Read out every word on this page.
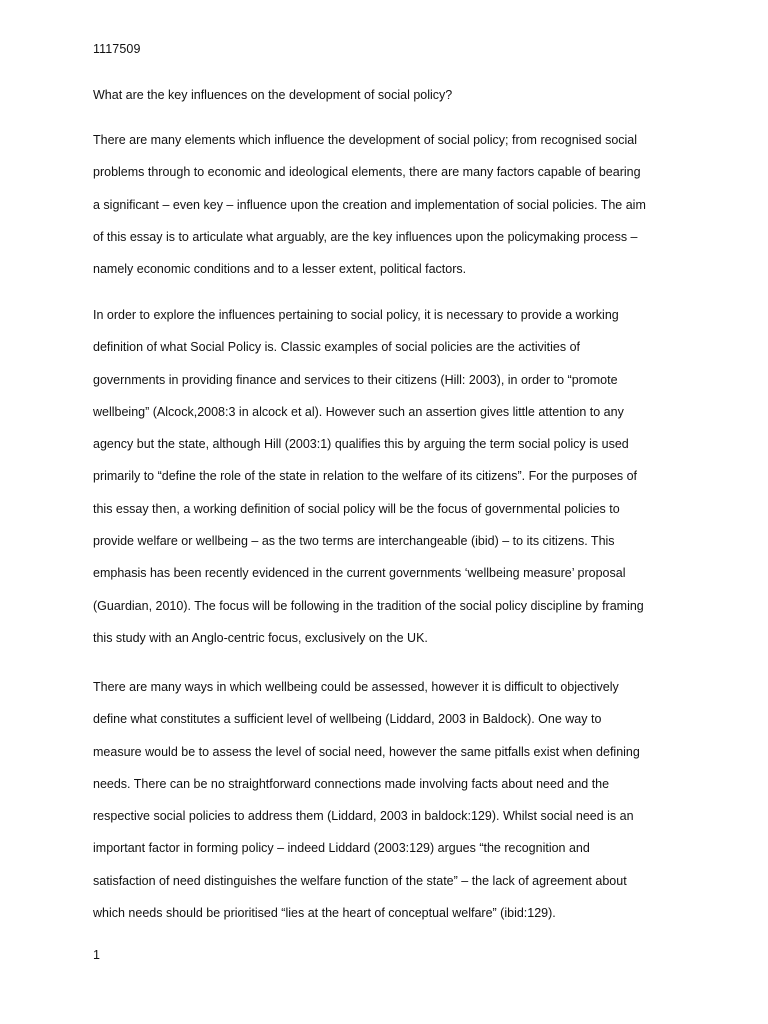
1117509
What are the key influences on the development of social policy?
There are many elements which influence the development of social policy; from recognised social
problems through to economic and ideological elements, there are many factors capable of bearing
a significant – even key – influence upon the creation and implementation of social policies. The aim
of this essay is to articulate what arguably, are the key influences upon the policymaking process –
namely economic conditions and to a lesser extent, political factors.
In order to explore the influences pertaining to social policy, it is necessary to provide a working
definition of what Social Policy is. Classic examples of social policies are the activities of
governments in providing finance and services to their citizens (Hill: 2003), in order to “promote
wellbeing” (Alcock,2008:3 in alcock et al). However such an assertion gives little attention to any
agency but the state, although Hill (2003:1) qualifies this by arguing the term social policy is used
primarily to “define the role of the state in relation to the welfare of its citizens”. For the purposes of
this essay then, a working definition of social policy will be the focus of governmental policies to
provide welfare or wellbeing – as the two terms are interchangeable (ibid) – to its citizens. This
emphasis has been recently evidenced in the current governments ‘wellbeing measure’ proposal
(Guardian, 2010). The focus will be following in the tradition of the social policy discipline by framing
this study with an Anglo-centric focus, exclusively on the UK.
There are many ways in which wellbeing could be assessed, however it is difficult to objectively
define what constitutes a sufficient level of wellbeing (Liddard, 2003 in Baldock). One way to
measure would be to assess the level of social need, however the same pitfalls exist when defining
needs. There can be no straightforward connections made involving facts about need and the
respective social policies to address them (Liddard, 2003 in baldock:129). Whilst social need is an
important factor in forming policy – indeed Liddard (2003:129) argues “the recognition and
satisfaction of need distinguishes the welfare function of the state” – the lack of agreement about
which needs should be prioritised “lies at the heart of conceptual welfare” (ibid:129).
1
